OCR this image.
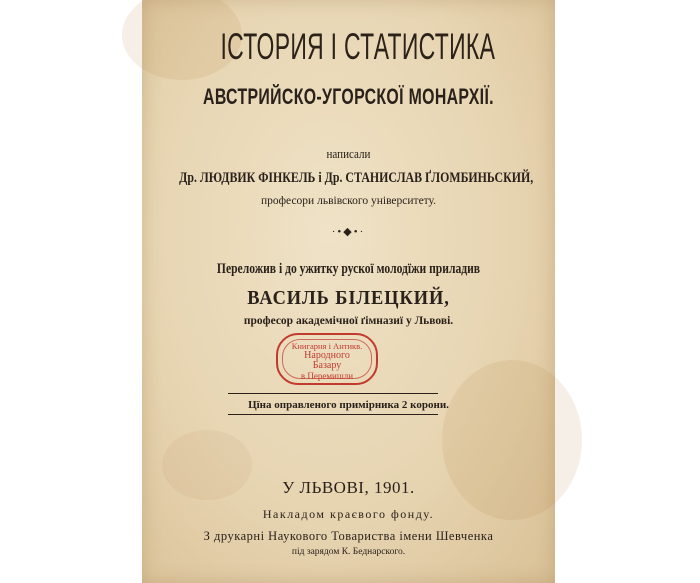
ІСТОРИЯ І СТАТИСТИКА
АВСТРИЙСКО-УГОРСКОЇ МОНАРХІЇ.
написали
Др. ЛЮДВИК ФІНКЕЛЬ і Др. СТАНИСЛАВ ҐЛОМБИНЬСКИЙ,
професори львівского університету.
·•◆•·
Переложив і до ужитку рускої молодїжи приладив
ВАСИЛЬ БІЛЕЦКИЙ,
професор академічної ґімназиї у Львові.
Книгарня і Антикв.
Народного
Базару
в Перемишли
Цїна оправленого примірника 2 корони.
У ЛЬВОВІ, 1901.
Накладом краєвого фонду.
З друкарні Наукового Товариства імени Шевченка
під зарядом К. Беднарского.
